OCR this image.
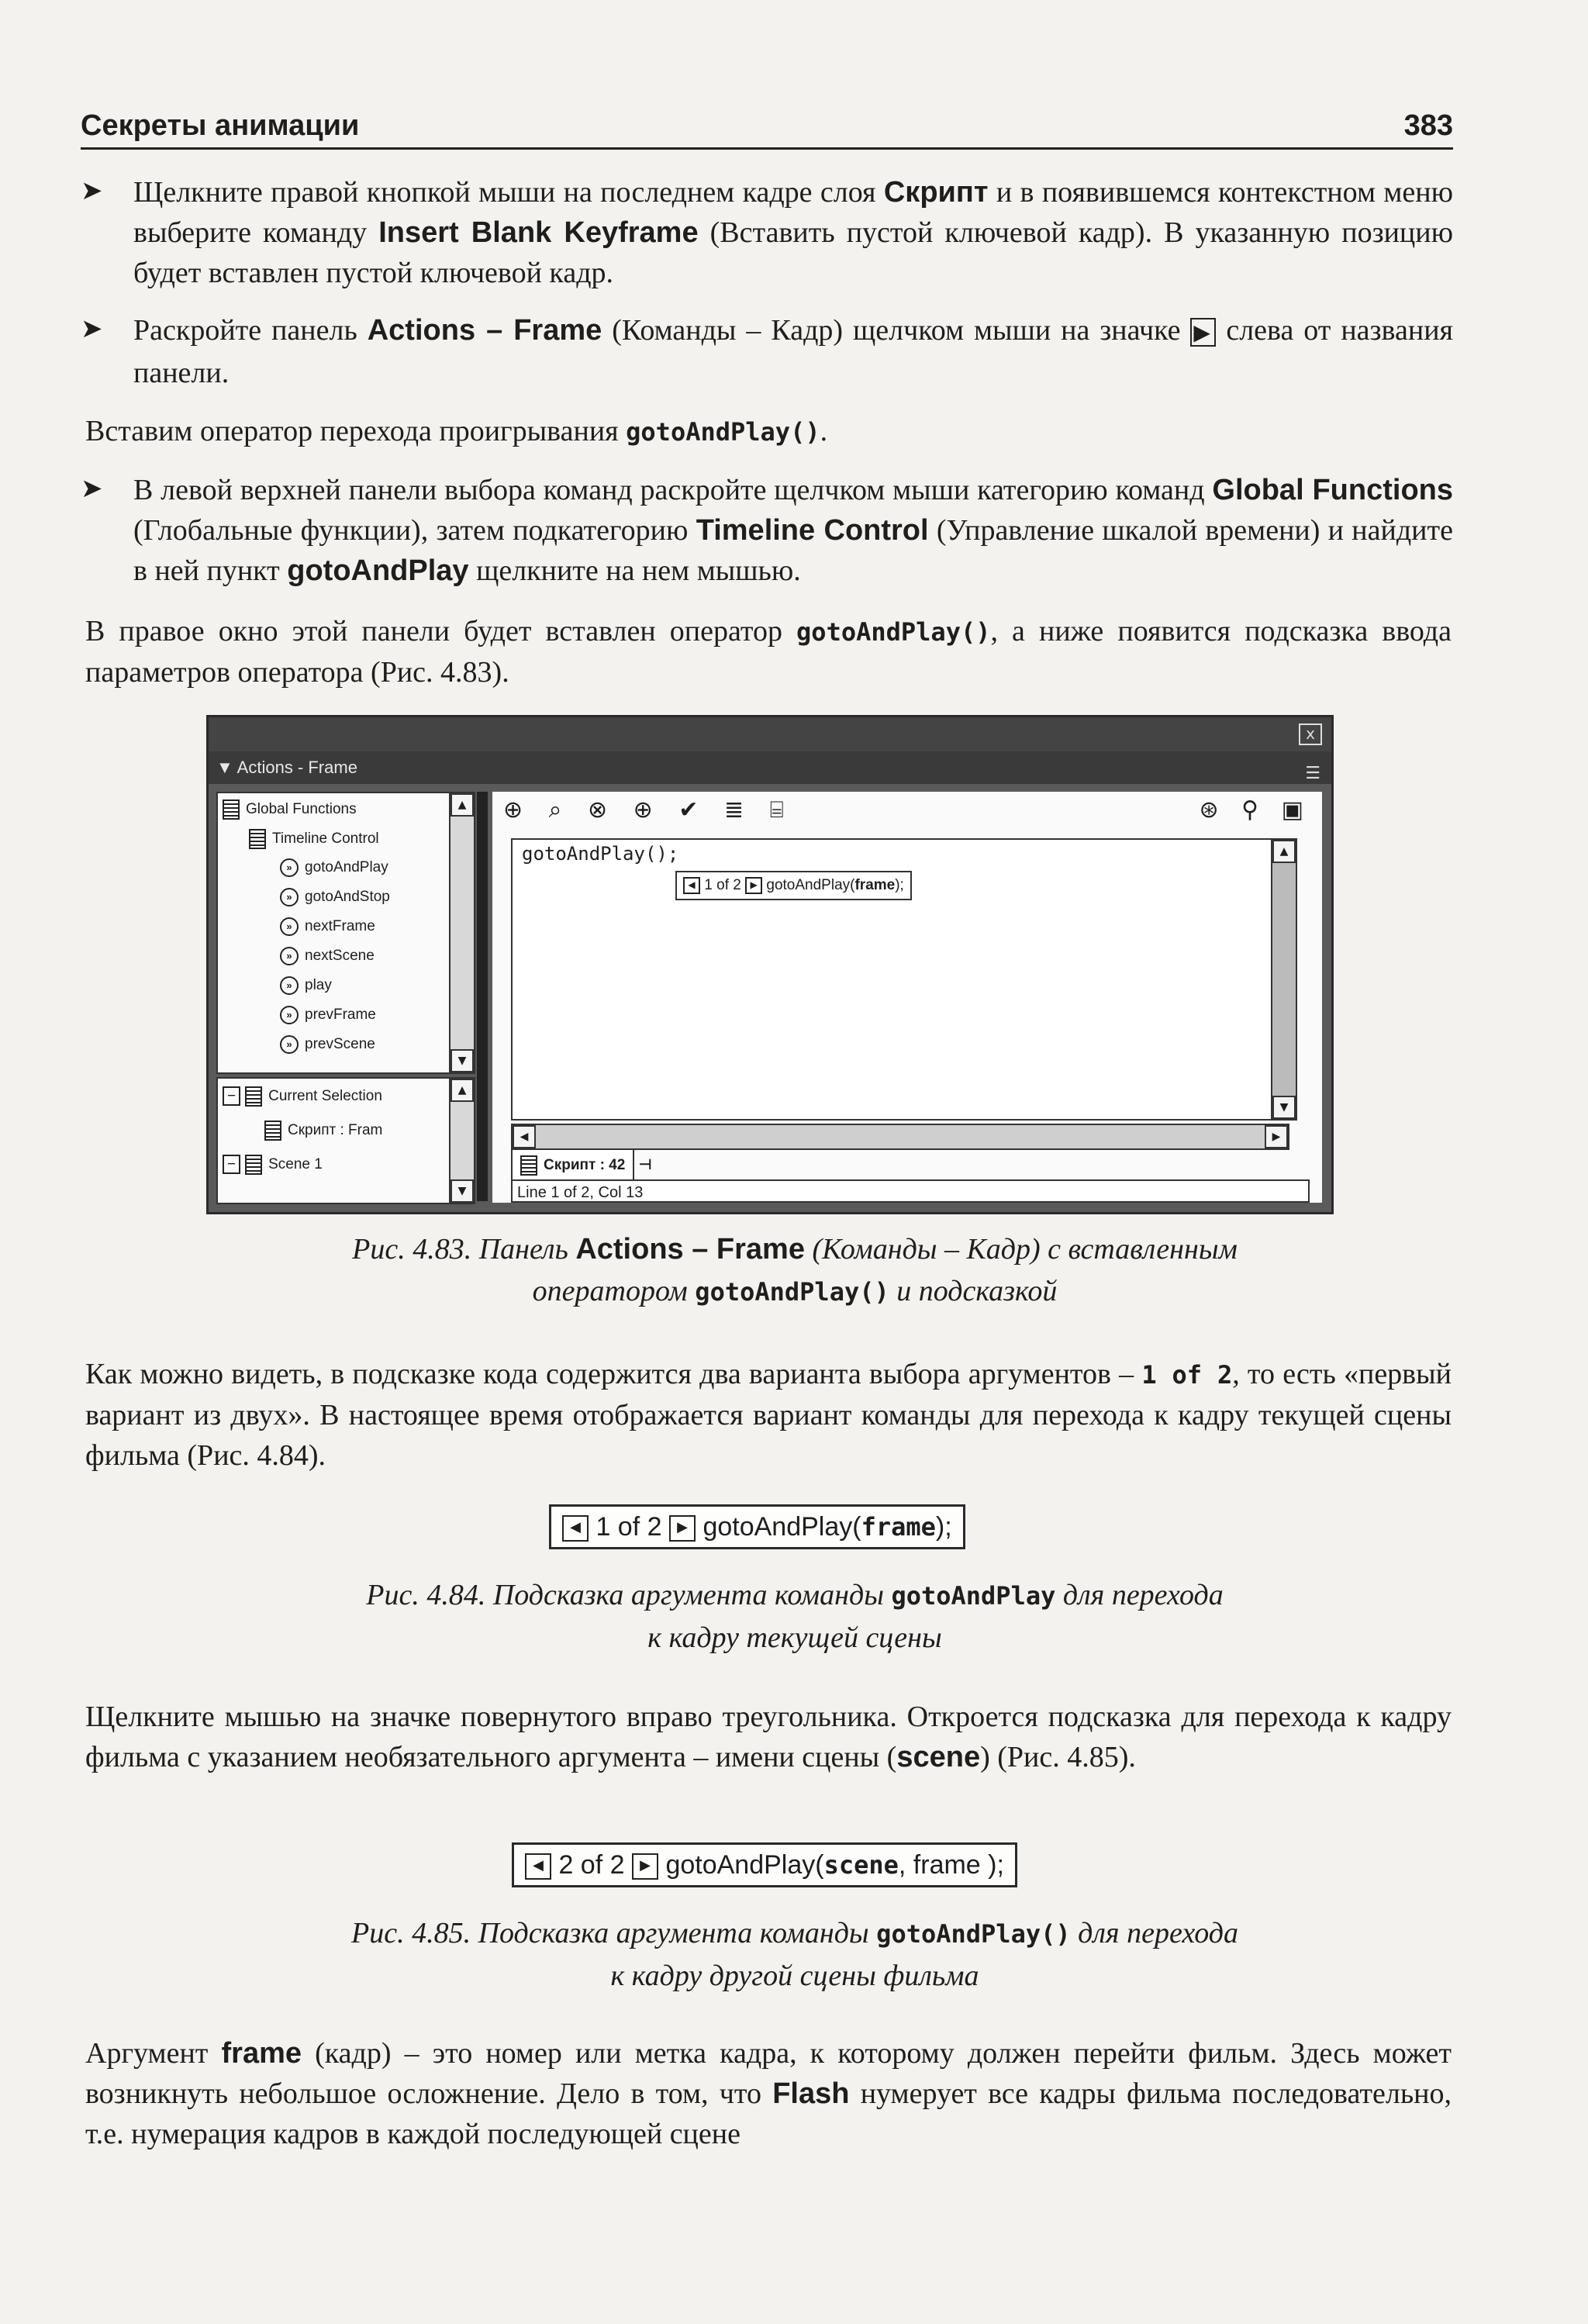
Секреты анимации	383
➤ Щелкните правой кнопкой мыши на последнем кадре слоя Скрипт и в появившемся контекстном меню выберите команду Insert Blank Keyframe (Вставить пустой ключевой кадр). В указанную позицию будет вставлен пустой ключевой кадр.
➤ Раскройте панель Actions – Frame (Команды – Кадр) щелчком мыши на значке ▶ слева от названия панели.
Вставим оператор перехода проигрывания gotoAndPlay().
➤ В левой верхней панели выбора команд раскройте щелчком мыши категорию команд Global Functions (Глобальные функции), затем подкатегорию Timeline Control (Управление шкалой времени) и найдите в ней пункт gotoAndPlay щелкните на нем мышью.
В правое окно этой панели будет вставлен оператор gotoAndPlay(), а ниже появится подсказка ввода параметров оператора (Рис. 4.83).
x
▼ Actions - Frame	☰
Global Functions
Timeline Control
» gotoAndPlay
» gotoAndStop
» nextFrame
» nextScene
» play
» prevFrame
» prevScene
▲
▼
− Current Selection
Скрипт : Fram
− Scene 1
▲
▼
⊕ ⌕ ⊗ ⊕ ✔ ≣ ⌸	⊛ ⚲ ▣
gotoAndPlay();
◀ 1 of 2 ▶ gotoAndPlay(frame);
▲
▼
◀	▶
Скрипт : 42 ⊣
Line 1 of 2, Col 13
Рис. 4.83. Панель Actions – Frame (Команды – Кадр) с вставленным
оператором gotoAndPlay() и подсказкой
Как можно видеть, в подсказке кода содержится два варианта выбора аргументов – 1 of 2, то есть «первый вариант из двух». В настоящее время отображается вариант команды для перехода к кадру текущей сцены фильма (Рис. 4.84).
◀ 1 of 2 ▶ gotoAndPlay(frame);
Рис. 4.84. Подсказка аргумента команды gotoAndPlay для перехода
к кадру текущей сцены
Щелкните мышью на значке повернутого вправо треугольника. Откроется подсказка для перехода к кадру фильма с указанием необязательного аргумента – имени сцены (scene) (Рис. 4.85).
◀ 2 of 2 ▶ gotoAndPlay(scene, frame );
Рис. 4.85. Подсказка аргумента команды gotoAndPlay() для перехода
к кадру другой сцены фильма
Аргумент frame (кадр) – это номер или метка кадра, к которому должен перейти фильм. Здесь может возникнуть небольшое осложнение. Дело в том, что Flash нумерует все кадры фильма последовательно, т.е. нумерация кадров в каждой последующей сцене
